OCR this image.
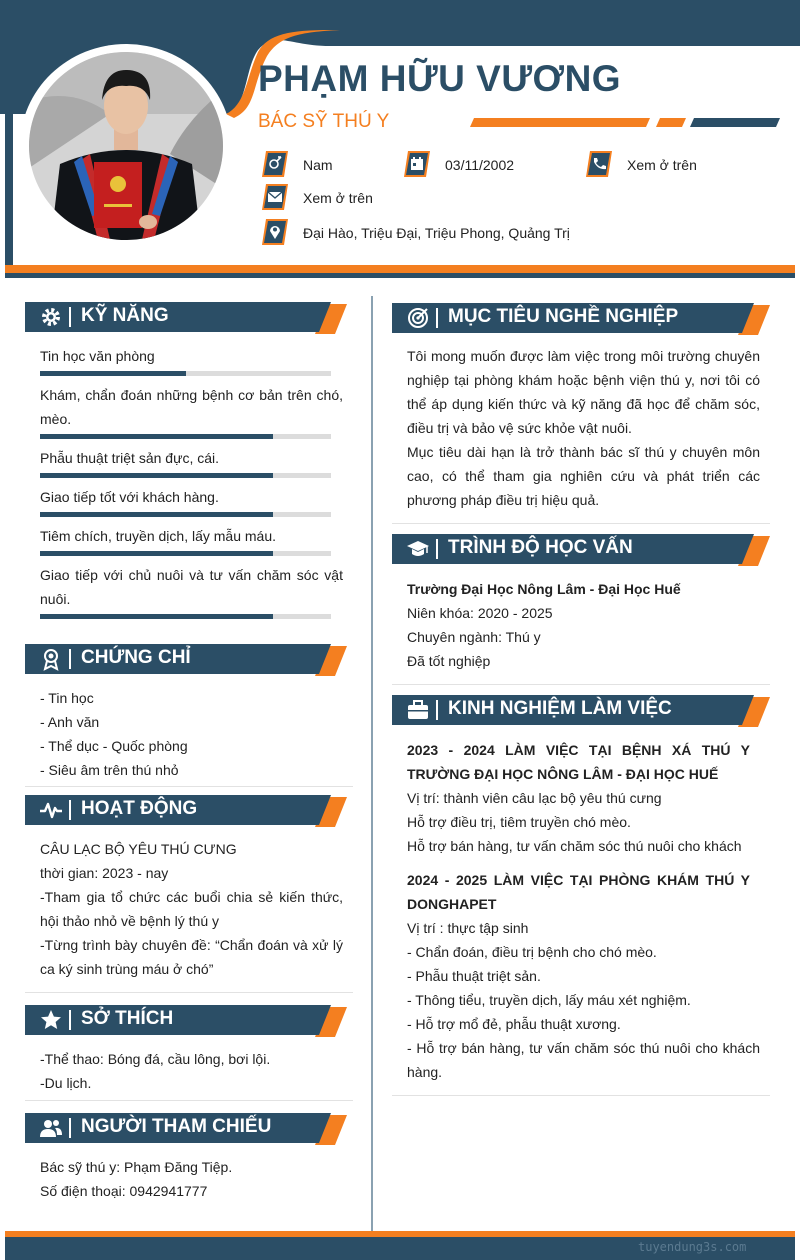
PHẠM HỮU VƯƠNG
BÁC SỸ THÚ Y
Nam	03/11/2002	Xem ở trên
Xem ở trên
Đại Hào, Triệu Đại, Triệu Phong, Quảng Trị
KỸ NĂNG
Tin học văn phòng
Khám, chẩn đoán những bệnh cơ bản trên chó, mèo.
Phẫu thuật triệt sản đực, cái.
Giao tiếp tốt với khách hàng.
Tiêm chích, truyền dịch, lấy mẫu máu.
Giao tiếp với chủ nuôi và tư vấn chăm sóc vật nuôi.
CHỨNG CHỈ
- Tin học
- Anh văn
- Thể dục - Quốc phòng
- Siêu âm trên thú nhỏ
HOẠT ĐỘNG
CÂU LẠC BỘ YÊU THÚ CƯNG
thời gian: 2023 - nay
-Tham gia tổ chức các buổi chia sẻ kiến thức, hội thảo nhỏ về bệnh lý thú y
-Từng trình bày chuyên đề: “Chẩn đoán và xử lý ca ký sinh trùng máu ở chó”
SỞ THÍCH
-Thể thao: Bóng đá, cầu lông, bơi lội.
-Du lịch.
NGƯỜI THAM CHIẾU
Bác sỹ thú y: Phạm Đăng Tiệp.
Số điện thoại: 0942941777
MỤC TIÊU NGHỀ NGHIỆP
Tôi mong muốn được làm việc trong môi trường chuyên nghiệp tại phòng khám hoặc bệnh viện thú y, nơi tôi có thể áp dụng kiến thức và kỹ năng đã học để chăm sóc, điều trị và bảo vệ sức khỏe vật nuôi.
Mục tiêu dài hạn là trở thành bác sĩ thú y chuyên môn cao, có thể tham gia nghiên cứu và phát triển các phương pháp điều trị hiệu quả.
TRÌNH ĐỘ HỌC VẤN
Trường Đại Học Nông Lâm - Đại Học Huế
Niên khóa: 2020 - 2025
Chuyên ngành: Thú y
Đã tốt nghiệp
KINH NGHIỆM LÀM VIỆC
2023 - 2024 LÀM VIỆC TẠI BỆNH XÁ THÚ Y TRƯỜNG ĐẠI HỌC NÔNG LÂM - ĐẠI HỌC HUẾ
Vị trí: thành viên câu lạc bộ yêu thú cưng
Hỗ trợ điều trị, tiêm truyền chó mèo.
Hỗ trợ bán hàng, tư vấn chăm sóc thú nuôi cho khách
2024 - 2025 LÀM VIỆC TẠI PHÒNG KHÁM THÚ Y DONGHAPET
Vị trí : thực tập sinh
- Chẩn đoán, điều trị bệnh cho chó mèo.
- Phẫu thuật triệt sản.
- Thông tiểu, truyền dịch, lấy máu xét nghiệm.
- Hỗ trợ mổ đẻ, phẫu thuật xương.
- Hỗ trợ bán hàng, tư vấn chăm sóc thú nuôi cho khách hàng.
tuyendung3s.com
